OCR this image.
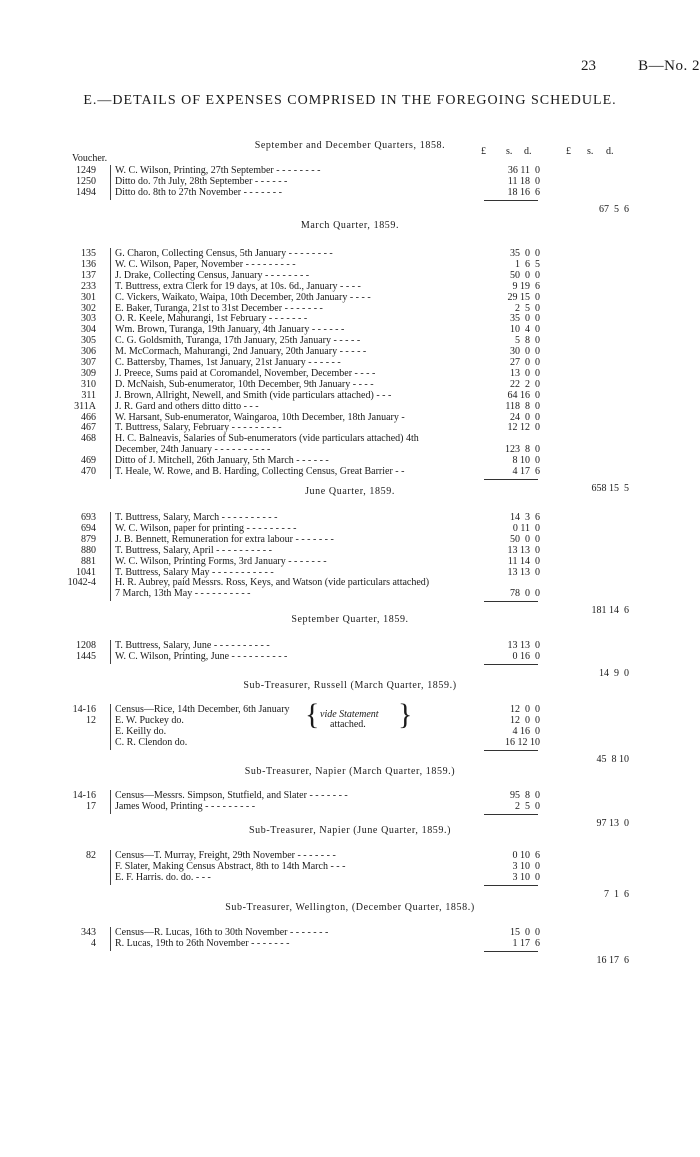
23	B—No. 2
E.—DETAILS OF EXPENSES COMPRISED IN THE FOREGOING SCHEDULE.
Voucher.
£ s. d.	£ s. d.
September and December Quarters, 1858.
1249 W. C. Wilson, Printing, 27th September - - - - - - - -	36 11  0
1250 Ditto do. 7th July, 28th September - - - - - -	11 18  0
1494 Ditto do. 8th to 27th November - - - - - - -	18 16  6
67  5  6
March Quarter, 1859.
135 G. Charon, Collecting Census, 5th January - - - - - - - -	35  0  0
136 W. C. Wilson, Paper, November - - - - - - - - -	1  6  5
137 J. Drake, Collecting Census, January - - - - - - - -	50  0  0
233 T. Buttress, extra Clerk for 19 days, at 10s. 6d., January - - - -	9 19  6
301 C. Vickers, Waikato, Waipa, 10th December, 20th January - - - -	29 15  0
302 E. Baker, Turanga, 21st to 31st December - - - - - - -	2  5  0
303 O. R. Keele, Mahurangi, 1st February - - - - - - -	35  0  0
304 Wm. Brown, Turanga, 19th January, 4th January - - - - - -	10  4  0
305 C. G. Goldsmith, Turanga, 17th January, 25th January - - - - -	5  8  0
306 M. McCormach, Mahurangi, 2nd January, 20th January - - - - -	30  0  0
307 C. Battersby, Thames, 1st January, 21st January - - - - - -	27  0  0
309 J. Preece, Sums paid at Coromandel, November, December - - - -	13  0  0
310 D. McNaish, Sub-enumerator, 10th December, 9th January - - - -	22  2  0
311 J. Brown, Allright, Newell, and Smith (vide particulars attached) - - -	64 16  0
311A J. R. Gard and others ditto ditto - - -	118  8  0
466 W. Harsant, Sub-enumerator, Waingaroa, 10th December, 18th January -	24  0  0
467 T. Buttress, Salary, February - - - - - - - - -	12 12  0
468 H. C. Balneavis, Salaries of Sub-enumerators (vide particulars attached) 4th
December, 24th January - - - - - - - - - -	123  8  0
469 Ditto of J. Mitchell, 26th January, 5th March - - - - - -	8 10  0
470 T. Heale, W. Rowe, and B. Harding, Collecting Census, Great Barrier - -	4 17  6
658 15  5
June Quarter, 1859.
693 T. Buttress, Salary, March - - - - - - - - - -	14  3  6
694 W. C. Wilson, paper for printing - - - - - - - - -	0 11  0
879 J. B. Bennett, Remuneration for extra labour - - - - - - -	50  0  0
880 T. Buttress, Salary, April - - - - - - - - - -	13 13  0
881 W. C. Wilson, Printing Forms, 3rd January - - - - - - -	11 14  0
1041 T. Buttress, Salary May - - - - - - - - - - -	13 13  0
1042-4 H. R. Aubrey, paid Messrs. Ross, Keys, and Watson (vide particulars attached)
7 March, 13th May - - - - - - - - - -	78  0  0
181 14  6
September Quarter, 1859.
1208 T. Buttress, Salary, June - - - - - - - - - -	13 13  0
1445 W. C. Wilson, Printing, June - - - - - - - - - -	0 16  0
14  9  0
Sub-Treasurer, Russell (March Quarter, 1859.)
14-16 Census—Rice, 14th December, 6th January	12  0  0
12 E. W. Puckey do.	12  0  0
E. Keilly do.	4 16  0
C. R. Clendon do.	16 12 10
45  8 10
{ vide Statement
attached. }
Sub-Treasurer, Napier (March Quarter, 1859.)
14-16 Census—Messrs. Simpson, Stutfield, and Slater - - - - - - -	95  8  0
17 James Wood, Printing - - - - - - - - -	2  5  0
97 13  0
Sub-Treasurer, Napier (June Quarter, 1859.)
82 Census—T. Murray, Freight, 29th November - - - - - - -	0 10  6
F. Slater, Making Census Abstract, 8th to 14th March - - -	3 10  0
E. F. Harris. do. do. - - -	3 10  0
7  1  6
Sub-Treasurer, Wellington, (December Quarter, 1858.)
343 Census—R. Lucas, 16th to 30th November - - - - - - -	15  0  0
4 R. Lucas, 19th to 26th November - - - - - - -	1 17  6
16 17  6
